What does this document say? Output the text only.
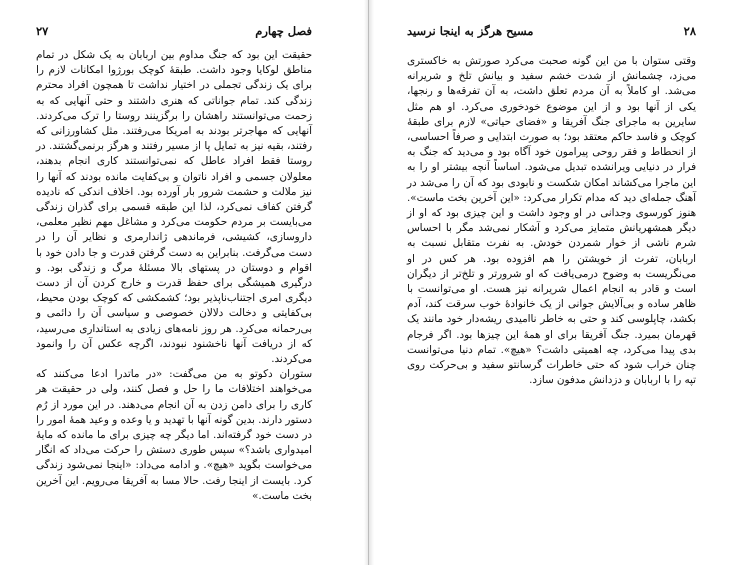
فصل چهارم
۲۷

حقیقت این بود که جنگ مداوم بین اربابان به یک شکل در تمام مناطق لوکایا وجود داشت. طبقهٔ کوچک بورژوا امکانات لازم را برای یک زندگی تجملی در اختیار نداشت تا همچون افراد محترم زندگی کند. تمام جواناتی که هنری داشتند و حتی آنهایی که به زحمت می‌توانستند راهشان را برگزینند روستا را ترک می‌کردند. آنهایی که مهاجرتر بودند به امریکا می‌رفتند. مثل کشاورزانی که رفتند، بقیه نیز به تمایل پا از مسیر رفتند و هرگز برنمی‌گشتند. در روستا فقط افراد عاطل که نمی‌توانستند کاری انجام بدهند، معلولان جسمی و افراد ناتوان و بی‌کفایت مانده بودند که آنها را نیز ملالت و حشمت شرور بار آورده بود. اخلاف اندکی که نادیده گرفتن کفاف نمی‌کرد، لذا این طبقه قسمی برای گذران زندگی می‌بایست بر مردم حکومت می‌کرد و مشاغل مهم نظیر معلمی، داروسازی، کشیشی، فرماندهی ژاندارمری و نظایر آن را در دست می‌گرفت. بنابراین به دست گرفتن قدرت و جا دادن خود با اقوام و دوستان در پستهای بالا مسئلهٔ مرگ و زندگی بود. و درگیری همیشگی برای حفظ قدرت و خارج کردن آن از دست دیگری امری اجتناب‌ناپذیر بود؛ کشمکشی که کوچک بودن محیط، بی‌کفایتی و دخالت دلالان خصوصی و سیاسی آن را دائمی و بی‌رحمانه می‌کرد. هر روز نامه‌های زیادی به استانداری می‌رسید، که از دریافت آنها ناخشنود نبودند، اگرچه عکس آن را وانمود می‌کردند.

ستوران دکوتو به من می‌گفت: «در ماتدرا ادعا می‌کنند که می‌خواهند اختلافات ما را حل و فصل کنند، ولی در حقیقت هر کاری را برای دامن زدن به آن انجام می‌دهند. در این مورد از رُم دستور دارند. بدین گونه آنها با تهدید و یا وعده و وعید همهٔ امور را در دست خود گرفته‌اند. اما دیگر چه چیزی برای ما مانده که مایهٔ امیدواری باشد؟» سپس طوری دستش را حرکت می‌داد که انگار می‌خواست بگوید «هیچ». و ادامه می‌داد: «اینجا نمی‌شود زندگی کرد. بایست از اینجا رفت. حالا مسا به آفریقا می‌رویم. این آخرین بخت ماست.»

۲۸
مسیح هرگز به اینجا نرسید

وقتی ستوان با من این گونه صحبت می‌کرد صورتش به خاکستری می‌زد، چشمانش از شدت خشم سفید و بیانش تلخ و شریرانه می‌شد. او کاملاً به آن مردم تعلق داشت، به آن تفرقه‌ها و رنجها، یکی از آنها بود و از این موضوع خودخوری می‌کرد. او هم مثل سایرین به ماجرای جنگ آفریقا و «فضای حیاتی» لازم برای طبقهٔ کوچک و فاسد حاکم معتقد بود؛ به صورت ابتدایی و صرفاً احساسی، از انحطاط و فقر روحی پیرامون خود آگاه بود و می‌دید که جنگ به فرار در دنیایی ویرانشده تبدیل می‌شود. اساساً آنچه بیشتر او را به این ماجرا می‌کشاند امکان شکست و نابودی بود که آن را می‌شد در آهنگ جمله‌ای دید که مدام تکرار می‌کرد: «این آخرین بخت ماست». هنوز کورسوی وجدانی در او وجود داشت و این چیزی بود که او از دیگر همشهریانش متمایز می‌کرد و آشکار نمی‌شد مگر با احساس شرم ناشی از خوار شمردن خودش. به نفرت متقابل نسبت به اربابان، تفرت از خویشتن را هم افزوده بود. هر کس در او می‌نگریست به وضوح درمی‌یافت که او شرورتر و تلخ‌تر از دیگران است و قادر به انجام اعمال شریرانه نیز هست. او می‌توانست با ظاهر ساده و بی‌آلایش جوانی از یک خانوادهٔ خوب سرقت کند، آدم بکشد، چاپلوسی کند و حتی به خاطر ناامیدی ریشه‌دار خود مانند یک قهرمان بمیرد. جنگ آفریقا برای او همهٔ این چیزها بود. اگر فرجام بدی پیدا می‌کرد، چه اهمیتی داشت؟ «هیچ». تمام دنیا می‌توانست چنان خراب شود که حتی خاطرات گرسانتو سفید و بی‌حرکت روی تپه را با اربابان و دزدانش مدفون سازد.
